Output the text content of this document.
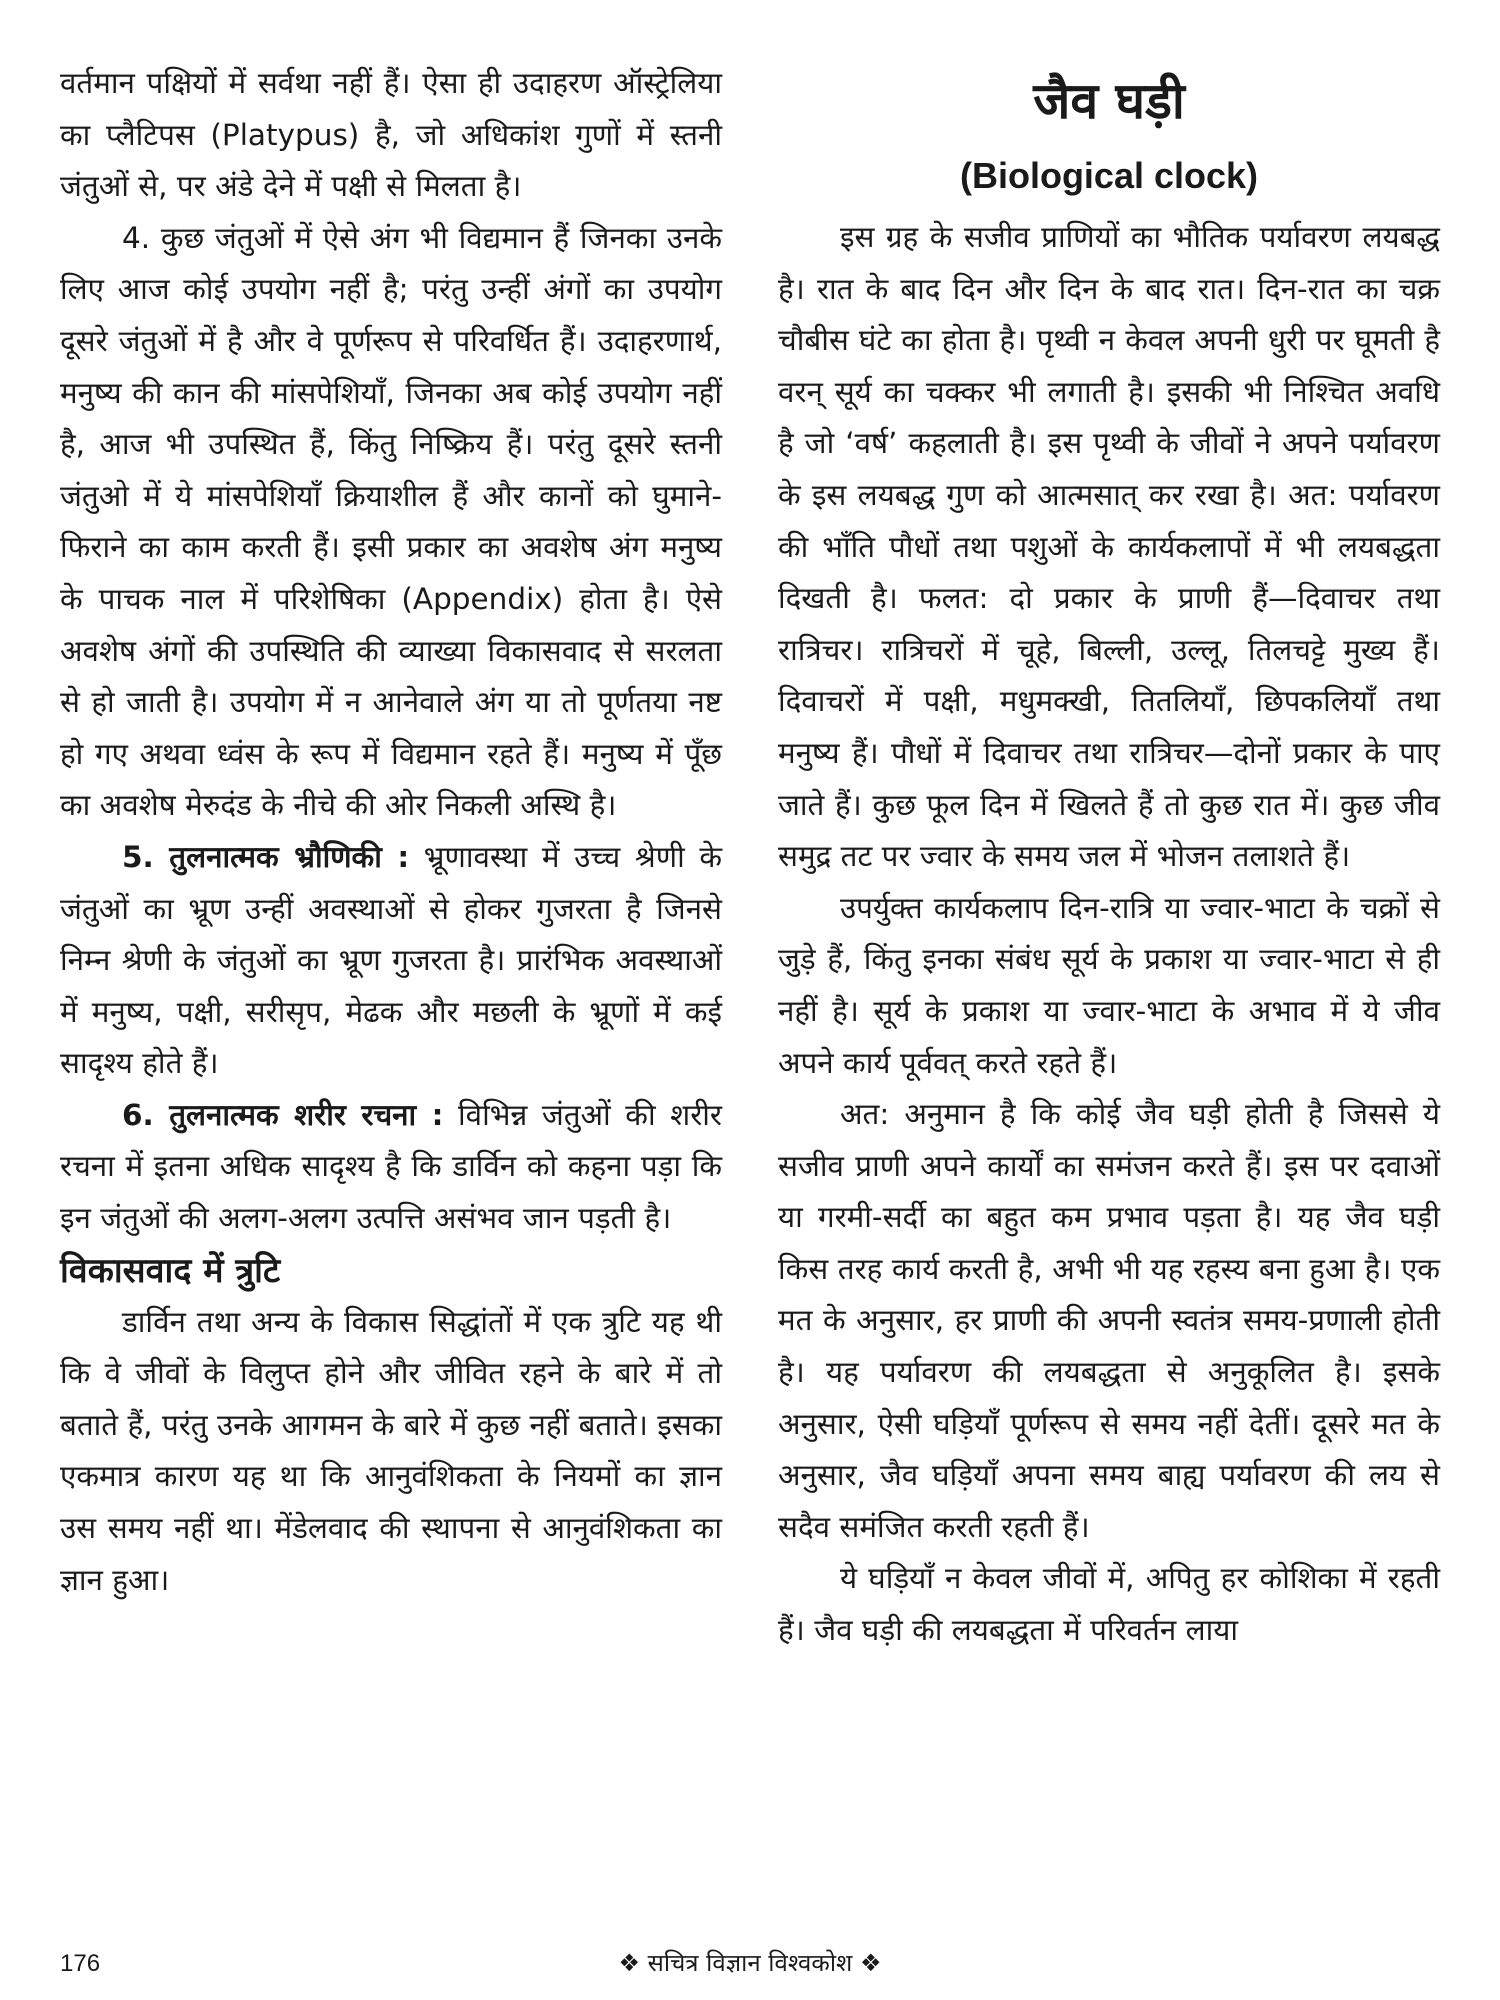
वर्तमान पक्षियों में सर्वथा नहीं हैं। ऐसा ही उदाहरण ऑस्ट्रेलिया का प्लैटिपस (Platypus) है, जो अधिकांश गुणों में स्तनी जंतुओं से, पर अंडे देने में पक्षी से मिलता है।

4. कुछ जंतुओं में ऐसे अंग भी विद्यमान हैं जिनका उनके लिए आज कोई उपयोग नहीं है; परंतु उन्हीं अंगों का उपयोग दूसरे जंतुओं में है और वे पूर्णरूप से परिवर्धित हैं। उदाहरणार्थ, मनुष्य की कान की मांसपेशियाँ, जिनका अब कोई उपयोग नहीं है, आज भी उपस्थित हैं, किंतु निष्क्रिय हैं। परंतु दूसरे स्तनी जंतुओ में ये मांसपेशियाँ क्रियाशील हैं और कानों को घुमाने-फिराने का काम करती हैं। इसी प्रकार का अवशेष अंग मनुष्य के पाचक नाल में परिशेषिका (Appendix) होता है। ऐसे अवशेष अंगों की उपस्थिति की व्याख्या विकासवाद से सरलता से हो जाती है। उपयोग में न आनेवाले अंग या तो पूर्णतया नष्ट हो गए अथवा ध्वंस के रूप में विद्यमान रहते हैं। मनुष्य में पूँछ का अवशेष मेरुदंड के नीचे की ओर निकली अस्थि है।

5. तुलनात्मक भ्रौणिकी : भ्रूणावस्था में उच्च श्रेणी के जंतुओं का भ्रूण उन्हीं अवस्थाओं से होकर गुजरता है जिनसे निम्न श्रेणी के जंतुओं का भ्रूण गुजरता है। प्रारंभिक अवस्थाओं में मनुष्य, पक्षी, सरीसृप, मेढक और मछली के भ्रूणों में कई सादृश्य होते हैं।

6. तुलनात्मक शरीर रचना : विभिन्न जंतुओं की शरीर रचना में इतना अधिक सादृश्य है कि डार्विन को कहना पड़ा कि इन जंतुओं की अलग-अलग उत्पत्ति असंभव जान पड़ती है।

विकासवाद में त्रुटि

डार्विन तथा अन्य के विकास सिद्धांतों में एक त्रुटि यह थी कि वे जीवों के विलुप्त होने और जीवित रहने के बारे में तो बताते हैं, परंतु उनके आगमन के बारे में कुछ नहीं बताते। इसका एकमात्र कारण यह था कि आनुवंशिकता के नियमों का ज्ञान उस समय नहीं था। मेंडेलवाद की स्थापना से आनुवंशिकता का ज्ञान हुआ।

जैव घड़ी

(Biological clock)

इस ग्रह के सजीव प्राणियों का भौतिक पर्यावरण लयबद्ध है। रात के बाद दिन और दिन के बाद रात। दिन-रात का चक्र चौबीस घंटे का होता है। पृथ्वी न केवल अपनी धुरी पर घूमती है वरन् सूर्य का चक्कर भी लगाती है। इसकी भी निश्चित अवधि है जो ‘वर्ष’ कहलाती है। इस पृथ्वी के जीवों ने अपने पर्यावरण के इस लयबद्ध गुण को आत्मसात् कर रखा है। अत: पर्यावरण की भाँति पौधों तथा पशुओं के कार्यकलापों में भी लयबद्धता दिखती है। फलत: दो प्रकार के प्राणी हैं—दिवाचर तथा रात्रिचर। रात्रिचरों में चूहे, बिल्ली, उल्लू, तिलचट्टे मुख्य हैं। दिवाचरों में पक्षी, मधुमक्खी, तितलियाँ, छिपकलियाँ तथा मनुष्य हैं। पौधों में दिवाचर तथा रात्रिचर—दोनों प्रकार के पाए जाते हैं। कुछ फूल दिन में खिलते हैं तो कुछ रात में। कुछ जीव समुद्र तट पर ज्वार के समय जल में भोजन तलाशते हैं।

उपर्युक्त कार्यकलाप दिन-रात्रि या ज्वार-भाटा के चक्रों से जुड़े हैं, किंतु इनका संबंध सूर्य के प्रकाश या ज्वार-भाटा से ही नहीं है। सूर्य के प्रकाश या ज्वार-भाटा के अभाव में ये जीव अपने कार्य पूर्ववत् करते रहते हैं।

अत: अनुमान है कि कोई जैव घड़ी होती है जिससे ये सजीव प्राणी अपने कार्यों का समंजन करते हैं। इस पर दवाओं या गरमी-सर्दी का बहुत कम प्रभाव पड़ता है। यह जैव घड़ी किस तरह कार्य करती है, अभी भी यह रहस्य बना हुआ है। एक मत के अनुसार, हर प्राणी की अपनी स्वतंत्र समय-प्रणाली होती है। यह पर्यावरण की लयबद्धता से अनुकूलित है। इसके अनुसार, ऐसी घड़ियाँ पूर्णरूप से समय नहीं देतीं। दूसरे मत के अनुसार, जैव घड़ियाँ अपना समय बाह्य पर्यावरण की लय से सदैव समंजित करती रहती हैं।

ये घड़ियाँ न केवल जीवों में, अपितु हर कोशिका में रहती हैं। जैव घड़ी की लयबद्धता में परिवर्तन लाया

176	❖ सचित्र विज्ञान विश्वकोश ❖
